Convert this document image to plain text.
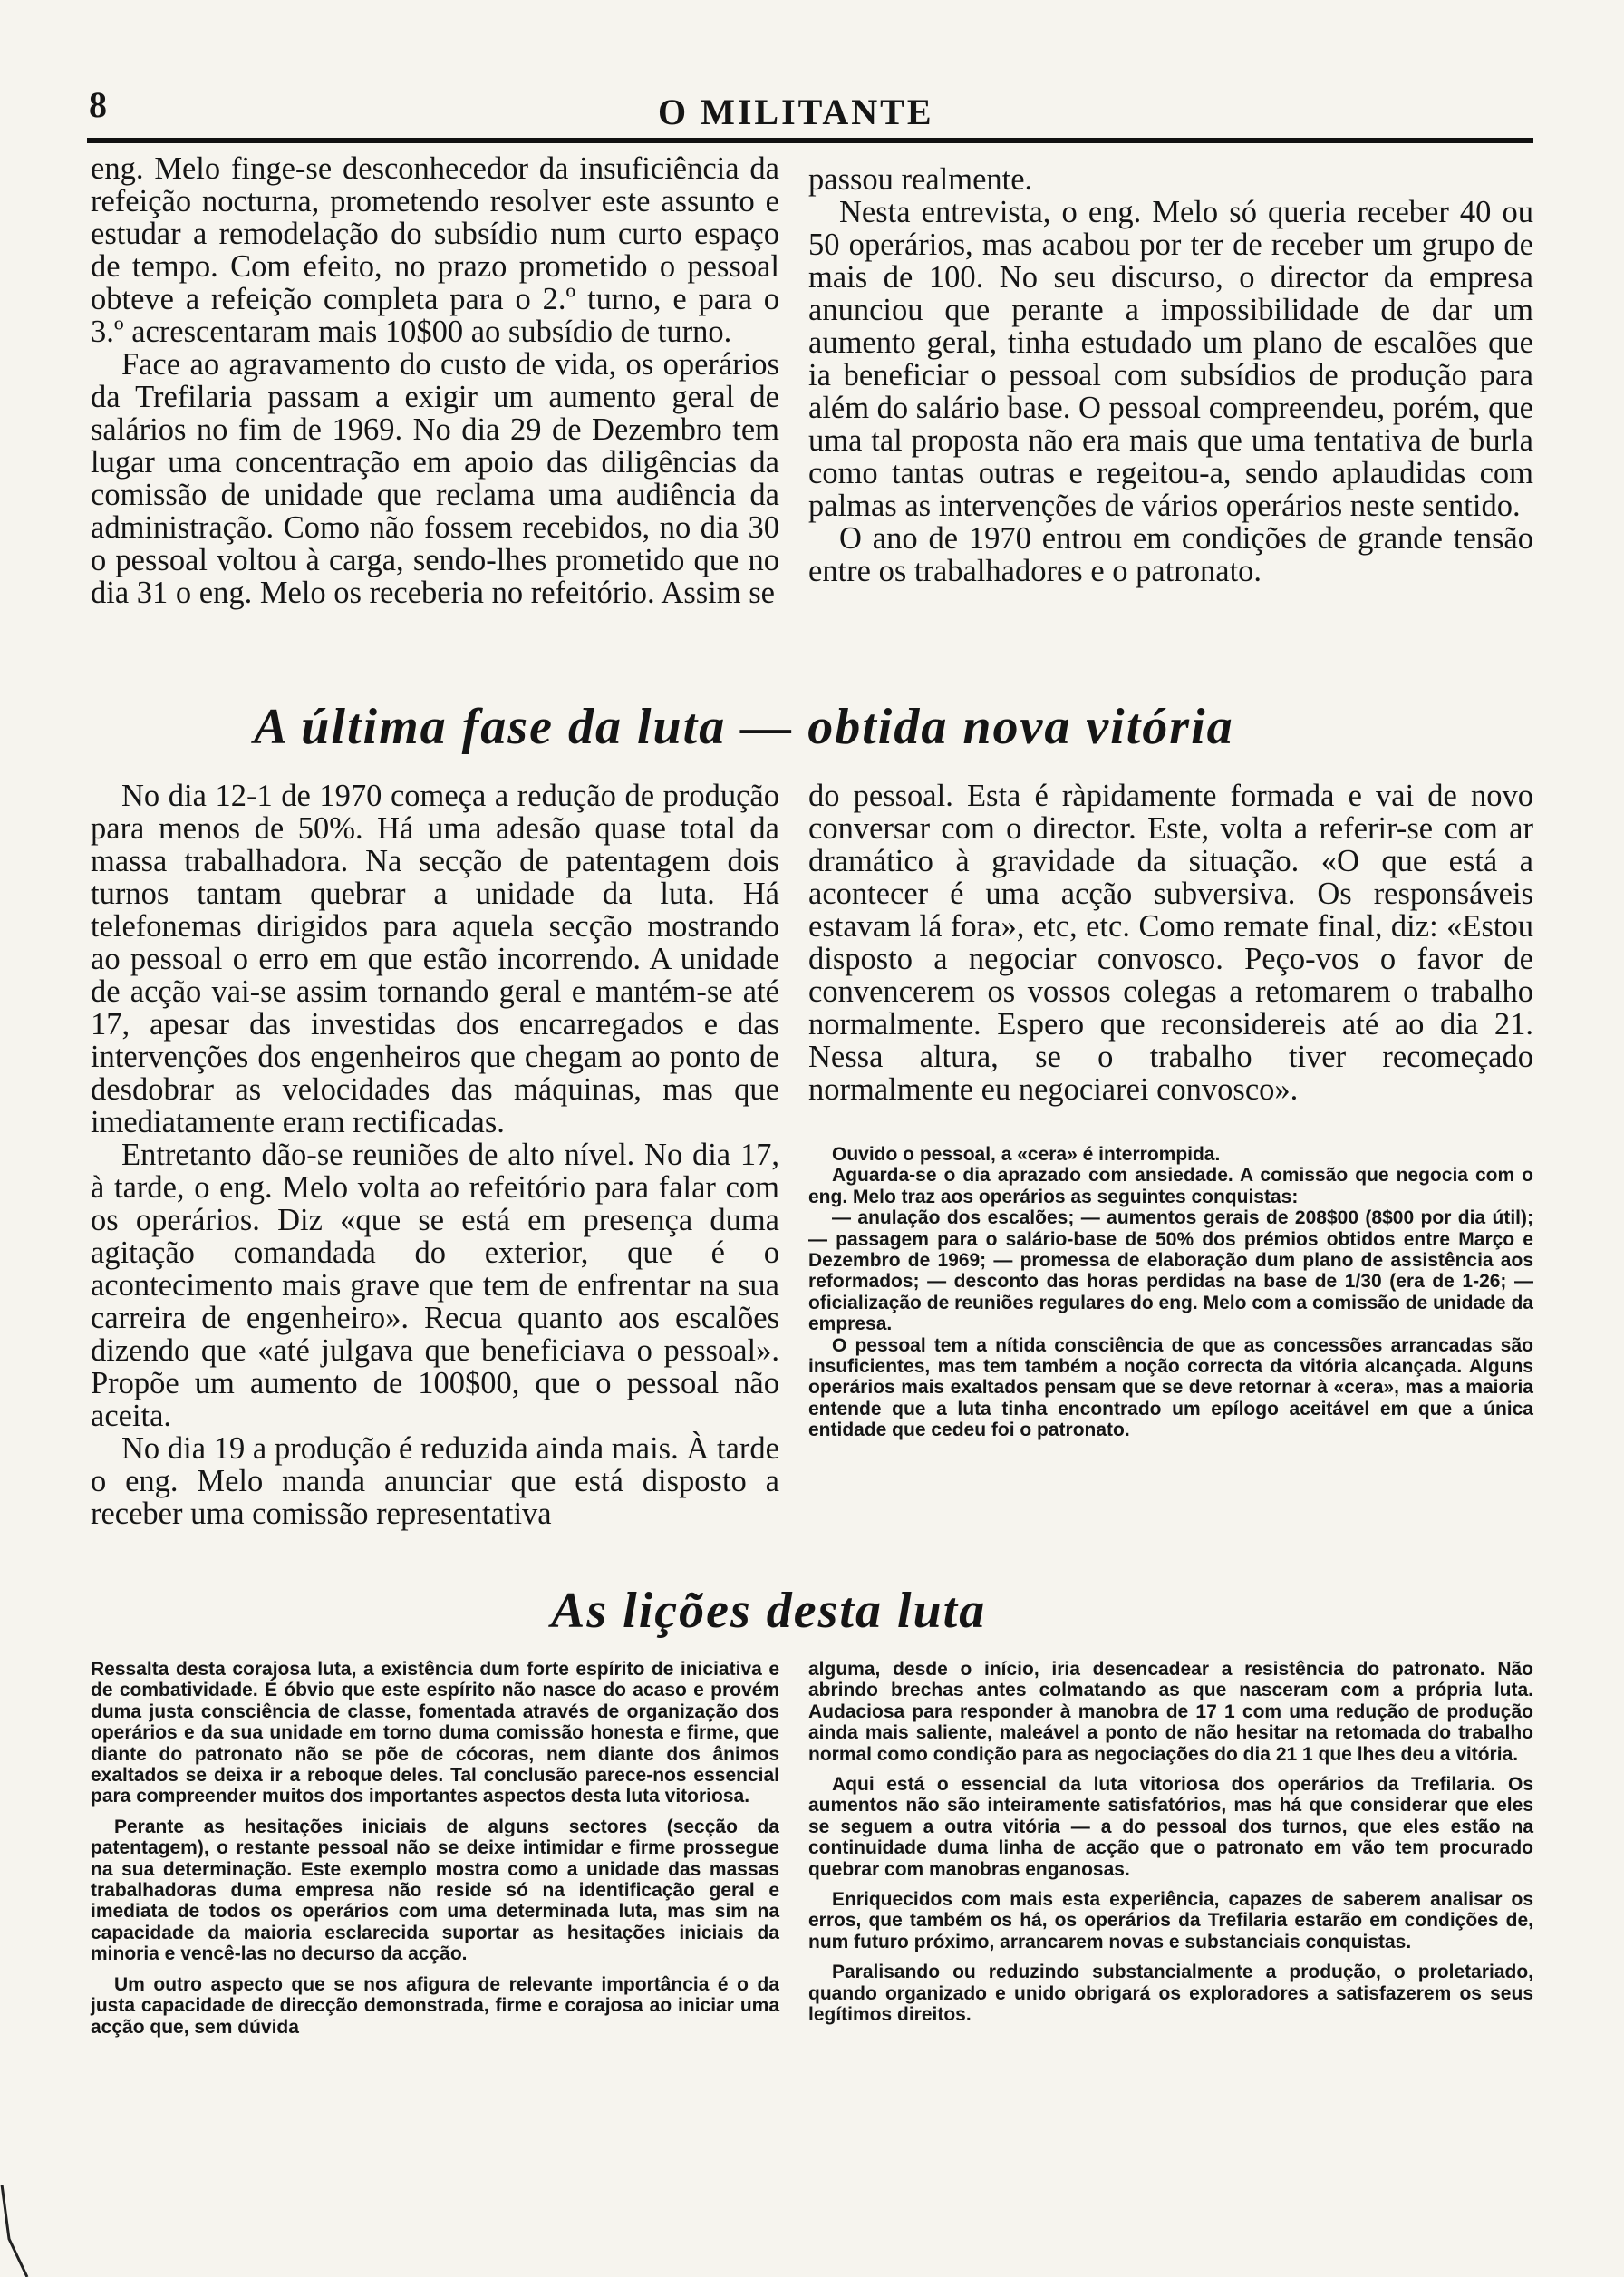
8	O MILITANTE

eng. Melo finge-se desconhecedor da insuficiência da refeição nocturna, prometendo resolver este assunto e estudar a remodelação do subsídio num curto espaço de tempo. Com efeito, no prazo prometido o pessoal obteve a refeição completa para o 2.º turno, e para o 3.º acrescentaram mais 10$00 ao subsídio de turno.

Face ao agravamento do custo de vida, os operários da Trefilaria passam a exigir um aumento geral de salários no fim de 1969. No dia 29 de Dezembro tem lugar uma concentração em apoio das diligências da comissão de unidade que reclama uma audiência da administração. Como não fossem recebidos, no dia 30 o pessoal voltou à carga, sendo-lhes prometido que no dia 31 o eng. Melo os receberia no refeitório. Assim se

passou realmente.

Nesta entrevista, o eng. Melo só queria receber 40 ou 50 operários, mas acabou por ter de receber um grupo de mais de 100. No seu discurso, o director da empresa anunciou que perante a impossibilidade de dar um aumento geral, tinha estudado um plano de escalões que ia beneficiar o pessoal com subsídios de produção para além do salário base. O pessoal compreendeu, porém, que uma tal proposta não era mais que uma tentativa de burla como tantas outras e regeitou-a, sendo aplaudidas com palmas as intervenções de vários operários neste sentido.

O ano de 1970 entrou em condições de grande tensão entre os trabalhadores e o patronato.

A última fase da luta — obtida nova vitória

No dia 12-1 de 1970 começa a redução de produção para menos de 50%. Há uma adesão quase total da massa trabalhadora. Na secção de patentagem dois turnos tantam quebrar a unidade da luta. Há telefonemas dirigidos para aquela secção mostrando ao pessoal o erro em que estão incorrendo. A unidade de acção vai-se assim tornando geral e mantém-se até 17, apesar das investidas dos encarregados e das intervenções dos engenheiros que chegam ao ponto de desdobrar as velocidades das máquinas, mas que imediatamente eram rectificadas.

Entretanto dão-se reuniões de alto nível. No dia 17, à tarde, o eng. Melo volta ao refeitório para falar com os operários. Diz «que se está em presença duma agitação comandada do exterior, que é o acontecimento mais grave que tem de enfrentar na sua carreira de engenheiro». Recua quanto aos escalões dizendo que «até julgava que beneficiava o pessoal». Propõe um aumento de 100$00, que o pessoal não aceita.

No dia 19 a produção é reduzida ainda mais. À tarde o eng. Melo manda anunciar que está disposto a receber uma comissão representativa

do pessoal. Esta é ràpidamente formada e vai de novo conversar com o director. Este, volta a referir-se com ar dramático à gravidade da situação. «O que está a acontecer é uma acção subversiva. Os responsáveis estavam lá fora», etc, etc. Como remate final, diz: «Estou disposto a negociar convosco. Peço-vos o favor de convencerem os vossos colegas a retomarem o trabalho normalmente. Espero que reconsidereis até ao dia 21. Nessa altura, se o trabalho tiver recomeçado normalmente eu negociarei convosco».

Ouvido o pessoal, a «cera» é interrompida.

Aguarda-se o dia aprazado com ansiedade. A comissão que negocia com o eng. Melo traz aos operários as seguintes conquistas:

— anulação dos escalões; — aumentos gerais de 208$00 (8$00 por dia útil); — passagem para o salário-base de 50% dos prémios obtidos entre Março e Dezembro de 1969; — promessa de elaboração dum plano de assistência aos reformados; — desconto das horas perdidas na base de 1/30 (era de 1-26; — oficialização de reuniões regulares do eng. Melo com a comissão de unidade da empresa.

O pessoal tem a nítida consciência de que as concessões arrancadas são insuficientes, mas tem também a noção correcta da vitória alcançada. Alguns operários mais exaltados pensam que se deve retornar à «cera», mas a maioria entende que a luta tinha encontrado um epílogo aceitável em que a única entidade que cedeu foi o patronato.

As lições desta luta

Ressalta desta corajosa luta, a existência dum forte espírito de iniciativa e de combatividade. É óbvio que este espírito não nasce do acaso e provém duma justa consciência de classe, fomentada através de organização dos operários e da sua unidade em torno duma comissão honesta e firme, que diante do patronato não se põe de cócoras, nem diante dos ânimos exaltados se deixa ir a reboque deles. Tal conclusão parece-nos essencial para compreender muitos dos importantes aspectos desta luta vitoriosa.

Perante as hesitações iniciais de alguns sectores (secção da patentagem), o restante pessoal não se deixe intimidar e firme prossegue na sua determinação. Este exemplo mostra como a unidade das massas trabalhadoras duma empresa não reside só na identificação geral e imediata de todos os operários com uma determinada luta, mas sim na capacidade da maioria esclarecida suportar as hesitações iniciais da minoria e vencê-las no decurso da acção.

Um outro aspecto que se nos afigura de relevante importância é o da justa capacidade de direcção demonstrada, firme e corajosa ao iniciar uma acção que, sem dúvida

alguma, desde o início, iria desencadear a resistência do patronato. Não abrindo brechas antes colmatando as que nasceram com a própria luta. Audaciosa para responder à manobra de 17 1 com uma redução de produção ainda mais saliente, maleável a ponto de não hesitar na retomada do trabalho normal como condição para as negociações do dia 21 1 que lhes deu a vitória.

Aqui está o essencial da luta vitoriosa dos operários da Trefilaria. Os aumentos não são inteiramente satisfatórios, mas há que considerar que eles se seguem a outra vitória — a do pessoal dos turnos, que eles estão na continuidade duma linha de acção que o patronato em vão tem procurado quebrar com manobras enganosas.

Enriquecidos com mais esta experiência, capazes de saberem analisar os erros, que também os há, os operários da Trefilaria estarão em condições de, num futuro próximo, arrancarem novas e substanciais conquistas.

Paralisando ou reduzindo substancialmente a produção, o proletariado, quando organizado e unido obrigará os exploradores a satisfazerem os seus legítimos direitos.
